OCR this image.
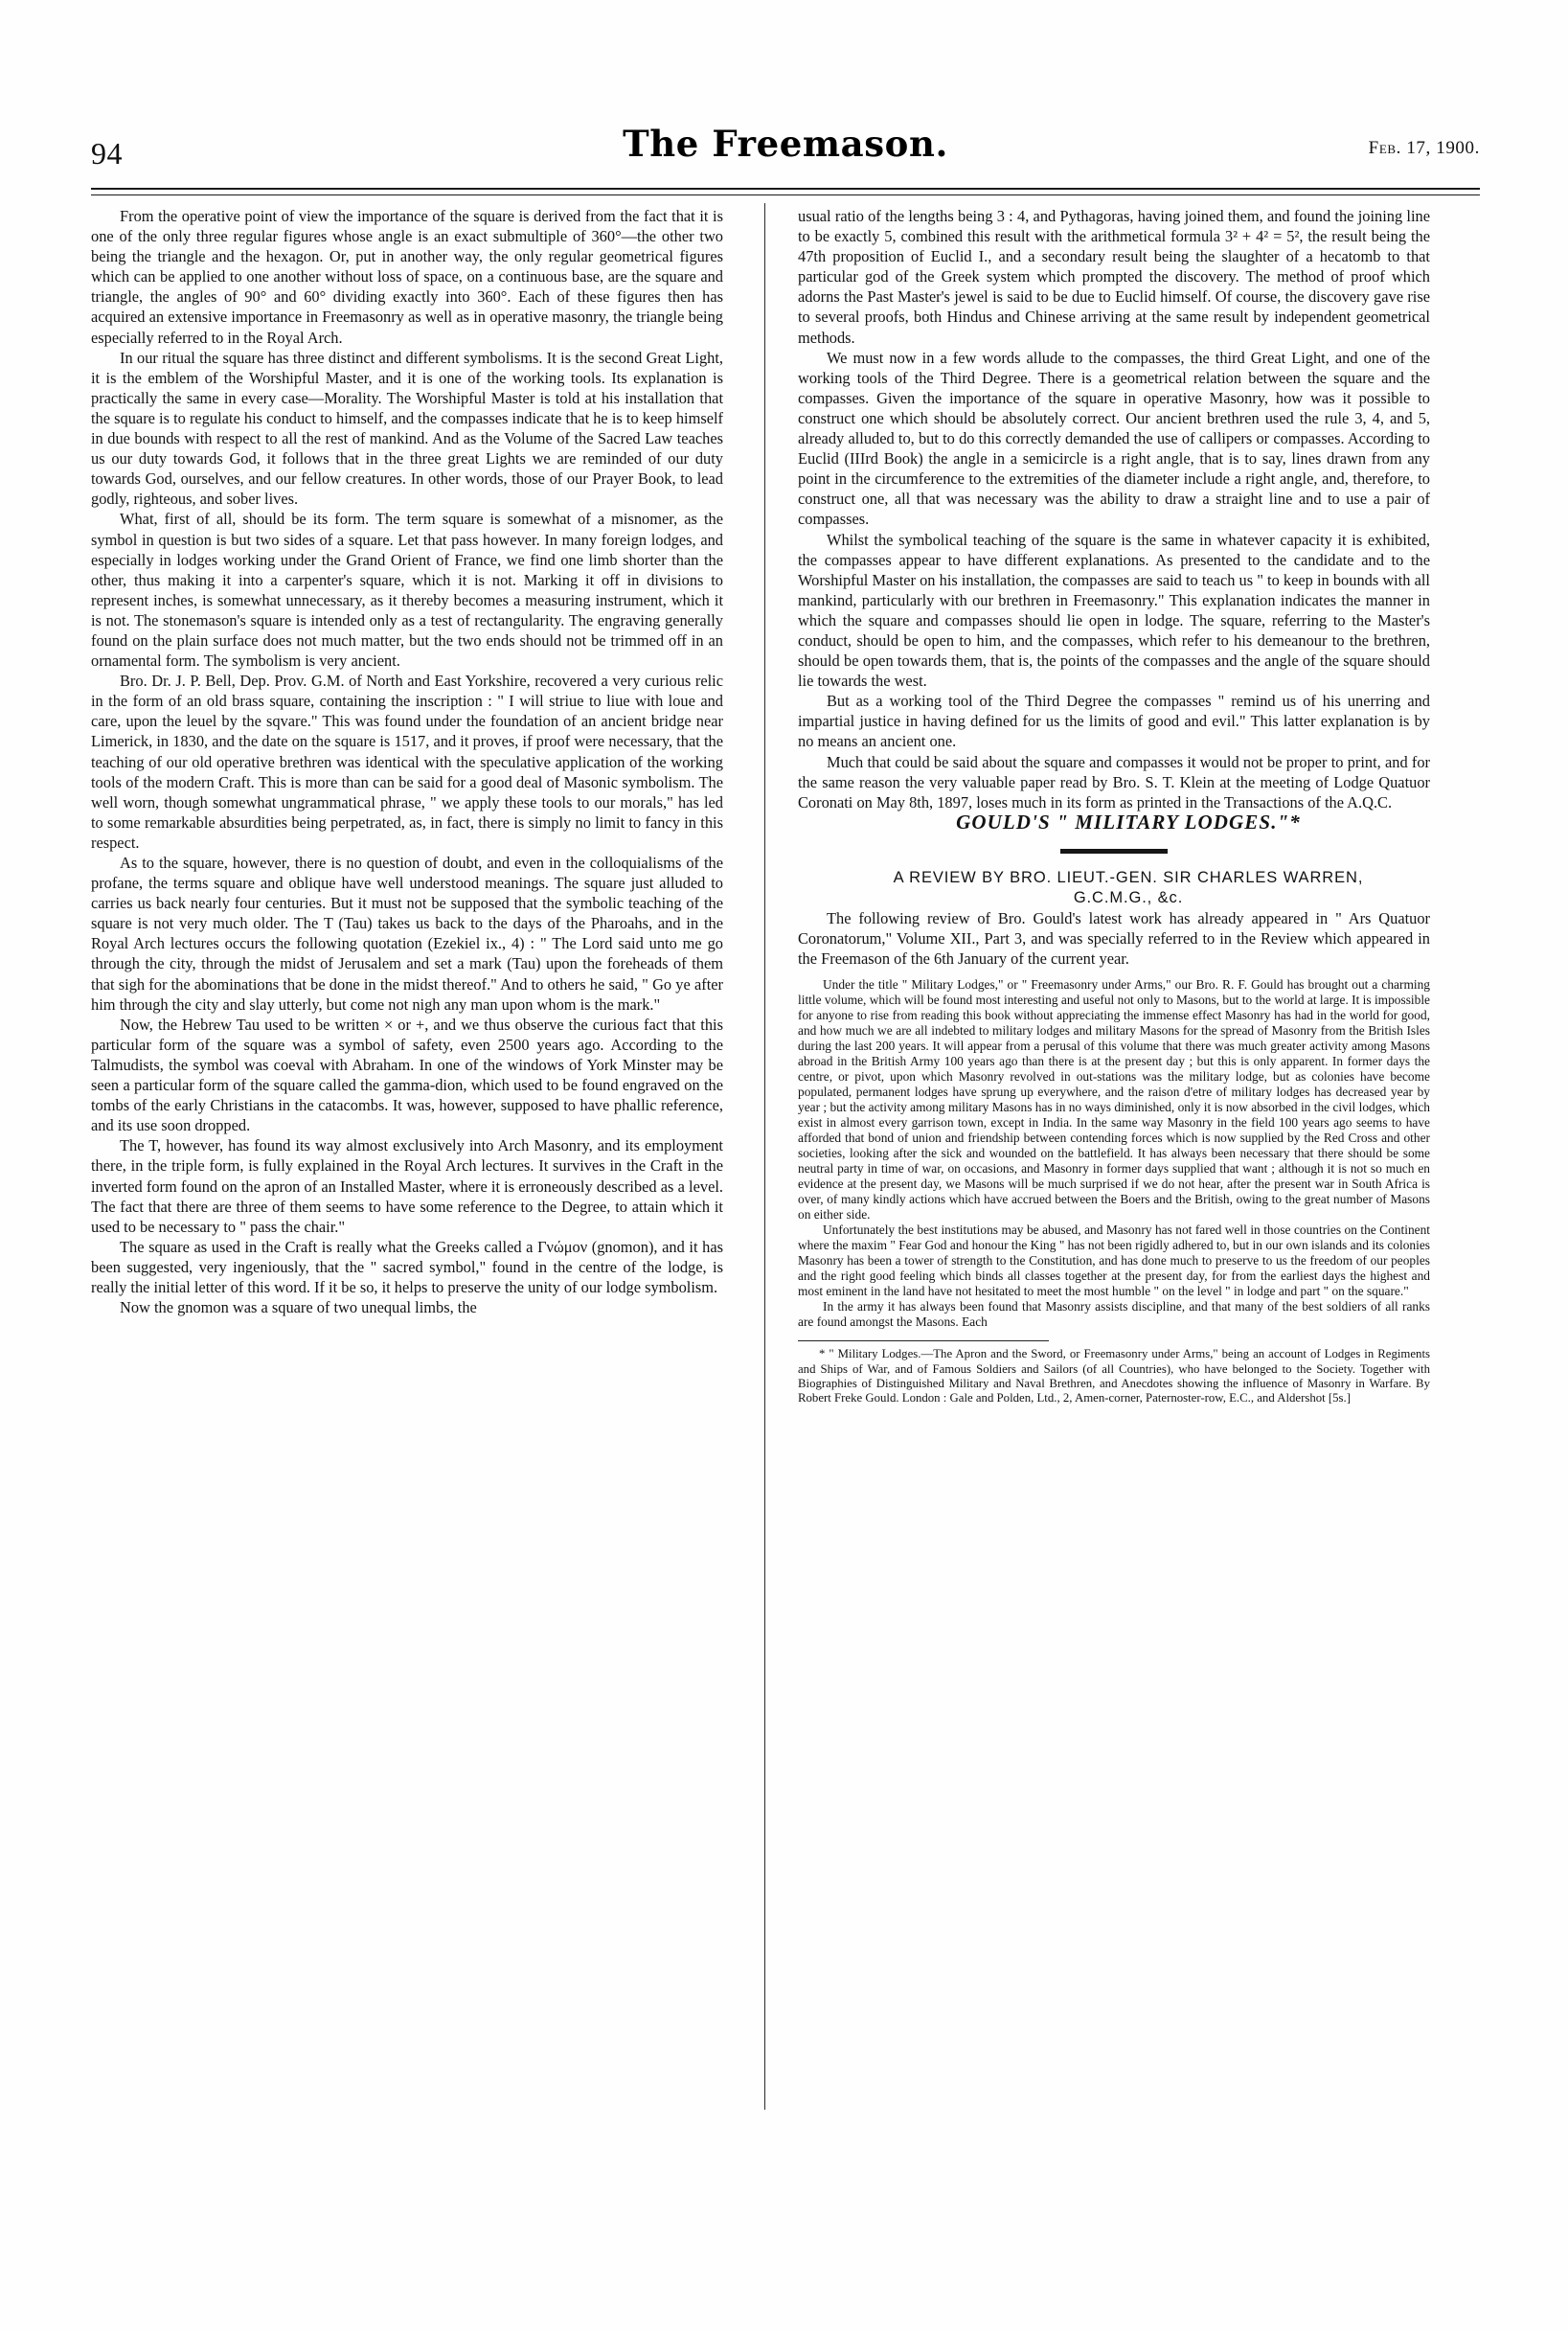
94	The Freemason.	Feb. 17, 1900.

From the operative point of view the importance of the square is derived from the fact that it is one of the only three regular figures whose angle is an exact submultiple of 360°—the other two being the triangle and the hexagon. Or, put in another way, the only regular geometrical figures which can be applied to one another without loss of space, on a continuous base, are the square and triangle, the angles of 90° and 60° dividing exactly into 360°. Each of these figures then has acquired an extensive importance in Freemasonry as well as in operative masonry, the triangle being especially referred to in the Royal Arch.

In our ritual the square has three distinct and different symbolisms. It is the second Great Light, it is the emblem of the Worshipful Master, and it is one of the working tools. Its explanation is practically the same in every case—Morality. The Worshipful Master is told at his installation that the square is to regulate his conduct to himself, and the compasses indicate that he is to keep himself in due bounds with respect to all the rest of mankind. And as the Volume of the Sacred Law teaches us our duty towards God, it follows that in the three great Lights we are reminded of our duty towards God, ourselves, and our fellow creatures. In other words, those of our Prayer Book, to lead godly, righteous, and sober lives.

What, first of all, should be its form. The term square is somewhat of a misnomer, as the symbol in question is but two sides of a square. Let that pass however. In many foreign lodges, and especially in lodges working under the Grand Orient of France, we find one limb shorter than the other, thus making it into a carpenter's square, which it is not. Marking it off in divisions to represent inches, is somewhat unnecessary, as it thereby becomes a measuring instrument, which it is not. The stonemason's square is intended only as a test of rectangularity. The engraving generally found on the plain surface does not much matter, but the two ends should not be trimmed off in an ornamental form. The symbolism is very ancient.

Bro. Dr. J. P. Bell, Dep. Prov. G.M. of North and East Yorkshire, recovered a very curious relic in the form of an old brass square, containing the inscription : " I will striue to liue with loue and care, upon the leuel by the sqvare." This was found under the foundation of an ancient bridge near Limerick, in 1830, and the date on the square is 1517, and it proves, if proof were necessary, that the teaching of our old operative brethren was identical with the speculative application of the working tools of the modern Craft. This is more than can be said for a good deal of Masonic symbolism. The well worn, though somewhat ungrammatical phrase, " we apply these tools to our morals," has led to some remarkable absurdities being perpetrated, as, in fact, there is simply no limit to fancy in this respect.

As to the square, however, there is no question of doubt, and even in the colloquialisms of the profane, the terms square and oblique have well understood meanings. The square just alluded to carries us back nearly four centuries. But it must not be supposed that the symbolic teaching of the square is not very much older. The T (Tau) takes us back to the days of the Pharoahs, and in the Royal Arch lectures occurs the following quotation (Ezekiel ix., 4) : " The Lord said unto me go through the city, through the midst of Jerusalem and set a mark (Tau) upon the foreheads of them that sigh for the abominations that be done in the midst thereof." And to others he said, " Go ye after him through the city and slay utterly, but come not nigh any man upon whom is the mark."

Now, the Hebrew Tau used to be written × or +, and we thus observe the curious fact that this particular form of the square was a symbol of safety, even 2500 years ago. According to the Talmudists, the symbol was coeval with Abraham. In one of the windows of York Minster may be seen a particular form of the square called the gamma-dion, which used to be found engraved on the tombs of the early Christians in the catacombs. It was, however, supposed to have phallic reference, and its use soon dropped.

The T, however, has found its way almost exclusively into Arch Masonry, and its employment there, in the triple form, is fully explained in the Royal Arch lectures. It survives in the Craft in the inverted form found on the apron of an Installed Master, where it is erroneously described as a level. The fact that there are three of them seems to have some reference to the Degree, to attain which it used to be necessary to " pass the chair."

The square as used in the Craft is really what the Greeks called a Γνώμον (gnomon), and it has been suggested, very ingeniously, that the " sacred symbol," found in the centre of the lodge, is really the initial letter of this word. If it be so, it helps to preserve the unity of our lodge symbolism.

Now the gnomon was a square of two unequal limbs, the

usual ratio of the lengths being 3 : 4, and Pythagoras, having joined them, and found the joining line to be exactly 5, combined this result with the arithmetical formula 3² + 4² = 5², the result being the 47th proposition of Euclid I., and a secondary result being the slaughter of a hecatomb to that particular god of the Greek system which prompted the discovery. The method of proof which adorns the Past Master's jewel is said to be due to Euclid himself. Of course, the discovery gave rise to several proofs, both Hindus and Chinese arriving at the same result by independent geometrical methods.

We must now in a few words allude to the compasses, the third Great Light, and one of the working tools of the Third Degree. There is a geometrical relation between the square and the compasses. Given the importance of the square in operative Masonry, how was it possible to construct one which should be absolutely correct. Our ancient brethren used the rule 3, 4, and 5, already alluded to, but to do this correctly demanded the use of callipers or compasses. According to Euclid (IIIrd Book) the angle in a semicircle is a right angle, that is to say, lines drawn from any point in the circumference to the extremities of the diameter include a right angle, and, therefore, to construct one, all that was necessary was the ability to draw a straight line and to use a pair of compasses.

Whilst the symbolical teaching of the square is the same in whatever capacity it is exhibited, the compasses appear to have different explanations. As presented to the candidate and to the Worshipful Master on his installation, the compasses are said to teach us " to keep in bounds with all mankind, particularly with our brethren in Freemasonry." This explanation indicates the manner in which the square and compasses should lie open in lodge. The square, referring to the Master's conduct, should be open to him, and the compasses, which refer to his demeanour to the brethren, should be open towards them, that is, the points of the compasses and the angle of the square should lie towards the west.

But as a working tool of the Third Degree the compasses " remind us of his unerring and impartial justice in having defined for us the limits of good and evil." This latter explanation is by no means an ancient one.

Much that could be said about the square and compasses it would not be proper to print, and for the same reason the very valuable paper read by Bro. S. T. Klein at the meeting of Lodge Quatuor Coronati on May 8th, 1897, loses much in its form as printed in the Transactions of the A.Q.C.

GOULD'S " MILITARY LODGES."*

A REVIEW BY BRO. LIEUT.-GEN. SIR CHARLES WARREN,
G.C.M.G., &c.

The following review of Bro. Gould's latest work has already appeared in " Ars Quatuor Coronatorum," Volume XII., Part 3, and was specially referred to in the Review which appeared in the Freemason of the 6th January of the current year.

Under the title " Military Lodges," or " Freemasonry under Arms," our Bro. R. F. Gould has brought out a charming little volume, which will be found most interesting and useful not only to Masons, but to the world at large. It is impossible for anyone to rise from reading this book without appreciating the immense effect Masonry has had in the world for good, and how much we are all indebted to military lodges and military Masons for the spread of Masonry from the British Isles during the last 200 years. It will appear from a perusal of this volume that there was much greater activity among Masons abroad in the British Army 100 years ago than there is at the present day ; but this is only apparent. In former days the centre, or pivot, upon which Masonry revolved in out-stations was the military lodge, but as colonies have become populated, permanent lodges have sprung up everywhere, and the raison d'etre of military lodges has decreased year by year ; but the activity among military Masons has in no ways diminished, only it is now absorbed in the civil lodges, which exist in almost every garrison town, except in India. In the same way Masonry in the field 100 years ago seems to have afforded that bond of union and friendship between contending forces which is now supplied by the Red Cross and other societies, looking after the sick and wounded on the battlefield. It has always been necessary that there should be some neutral party in time of war, on occasions, and Masonry in former days supplied that want ; although it is not so much en evidence at the present day, we Masons will be much surprised if we do not hear, after the present war in South Africa is over, of many kindly actions which have accrued between the Boers and the British, owing to the great number of Masons on either side.

Unfortunately the best institutions may be abused, and Masonry has not fared well in those countries on the Continent where the maxim " Fear God and honour the King " has not been rigidly adhered to, but in our own islands and its colonies Masonry has been a tower of strength to the Constitution, and has done much to preserve to us the freedom of our peoples and the right good feeling which binds all classes together at the present day, for from the earliest days the highest and most eminent in the land have not hesitated to meet the most humble " on the level " in lodge and part " on the square."

In the army it has always been found that Masonry assists discipline, and that many of the best soldiers of all ranks are found amongst the Masons. Each

* " Military Lodges.—The Apron and the Sword, or Freemasonry under Arms," being an account of Lodges in Regiments and Ships of War, and of Famous Soldiers and Sailors (of all Countries), who have belonged to the Society. Together with Biographies of Distinguished Military and Naval Brethren, and Anecdotes showing the influence of Masonry in Warfare. By Robert Freke Gould. London : Gale and Polden, Ltd., 2, Amen-corner, Paternoster-row, E.C., and Aldershot [5s.]
